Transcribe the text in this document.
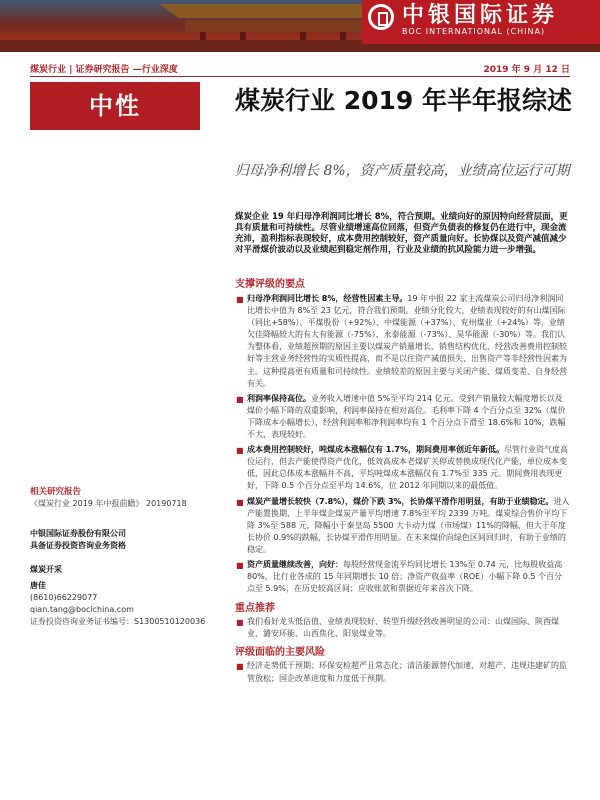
中银国际证券
BOC INTERNATIONAL (CHINA)
煤炭行业 | 证券研究报告 —行业深度	2019 年 9 月 12 日
中性	煤炭行业 2019 年半年报综述
归母净利增长 8%，资产质量较高，业绩高位运行可期
煤炭企业 19 年归母净利润同比增长 8%，符合预期。业绩向好的原因特向经营层面，更具有质量和可持续性。尽管业绩增速高位回落，但资产负债表的修复仍在进行中，现金流充沛，盈利指标表现较好，成本费用控制较好，资产质量向好。长协煤以及资产减值减少对平滑煤价波动以及业绩起到稳定剂作用，行业及业绩的抗风险能力进一步增强。

支撑评级的要点

■ 归母净利润同比增长 8%，经营性因素主导。19 年中报 22 家主流煤炭公司归母净利润同比增长中值为 8%至 23 亿元，符合我们预期。业绩分化较大，业绩表现较好的有山煤国际（同比+58%）、平煤股份（+92%）、中煤能源（+37%）、兖州煤业（+24%）等，业绩欠佳降幅较大的有大有能源（-75%）、永泰能源（-73%）、昊华能源（-30%）等。我们认为整体看，业绩超预期的原因主要以煤炭产销量增长、销售结构优化、经营改善费用控制较好等主营业务经营性的实质性提高，而不是以往资产减值损失、出售资产等非经营性因素为主。这种提高更有质量和可持续性。业绩较差的原因主要与关闭产能、煤质变差、自身经营有关。
■ 利润率保持高位。业务收入增速中值 5%至平均 214 亿元。受到产销量较大幅度增长以及煤价小幅下降的双重影响，利润率保持在相对高位。毛利率下降 4 个百分点至 32%（煤价下降成本小幅增长），经营利润率和净利润率均有 1 个百分点下滑至 18.6%和 10%，跌幅不大，表现较好。
■ 成本费用控制较好，吨煤成本涨幅仅有 1.7%，期间费用率创近年新低。尽管行业资气度高位运行，但去产能使得资产优化，低效高成本老煤矿关停或替换成现代化产能，单位成本变低，因此总体成本涨幅并不高，平均吨煤成本涨幅仅有 1.7%至 335 元。期间费用表现更好，下降 0.5 个百分点至平均 14.6%，位 2012 年同期以来的最低值。
■ 煤炭产量增长较快（7.8%），煤价下跌 3%，长协煤平滑作用明显，有助于业绩稳定。进入产能置换期，上半年煤企煤炭产量平均增速 7.8%至平均 2339 万吨。煤炭综合售价平均下降 3%至 588 元，降幅小于秦皇岛 5500 大卡动力煤（市场煤）11%的降幅，但大于年度长协价 0.9%的跌幅，长协煤平滑作用明显。在未来煤价向绿色区间回归时，有助于业绩的稳定。
■ 资产质量继续改善，向好：每股经营现金流平均同比增长 13%至 0.74 元，比每股收益高 80%，比行业各成的 15 年同期增长 10 倍；净资产收益率（ROE）小幅下降 0.5 个百分点至 5.9%，在历史较高区间；应收账款和票据近年来首次下降。

重点推荐

■ 我们看好龙头低估值、业绩表现较好、转型升级经营改善明显的公司：山煤国际、陕西煤业、潞安环能、山西焦化、阳泉煤业等。

评级面临的主要风险

■ 经济走势低于预期；环保安检超严且常态化；清洁能源替代加速，对超产、违规违建矿的监管放松；国企改革进度和力度低于预期。
相关研究报告
《煤炭行业 2019 年中报前瞻》 20190718
中银国际证券股份有限公司
具备证券投资咨询业务资格
煤炭开采
唐佳
(8610)66229077
qian.tang@bocichina.com
证券投资咨询业务证书编号：S1300510120036
